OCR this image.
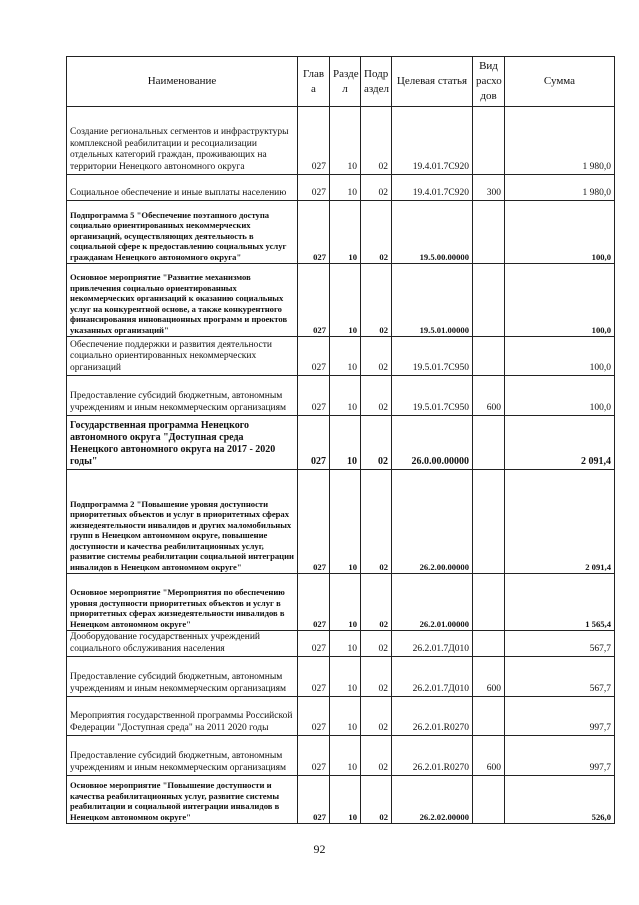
Наименование	Глав а	Разде л	Подр аздел	Целевая статья	Вид расхо дов	Сумма
Создание региональных сегментов и инфраструктуры комплексной реабилитации и ресоциализации отдельных категорий граждан, проживающих на территории Ненецкого автономного округа	027	10	02	19.4.01.7С920		1 980,0
Социальное обеспечение и иные выплаты населению	027	10	02	19.4.01.7С920	300	1 980,0
Подпрограмма 5 "Обеспечение поэтапного доступа социально ориентированных некоммерческих организаций, осуществляющих деятельность в социальной сфере к предоставлению социальных услуг гражданам Ненецкого автономного округа"	027	10	02	19.5.00.00000		100,0
Основное мероприятие "Развитие механизмов привлечения социально ориентированных некоммерческих организаций к оказанию социальных услуг на конкурентной основе, а также конкурентного финансирования инновационных программ и проектов указанных организаций"	027	10	02	19.5.01.00000		100,0
Обеспечение поддержки и развития деятельности социально ориентированных некоммерческих организаций	027	10	02	19.5.01.7С950		100,0
Предоставление субсидий бюджетным, автономным учреждениям и иным некоммерческим организациям	027	10	02	19.5.01.7С950	600	100,0
Государственная программа Ненецкого автономного округа "Доступная среда Ненецкого автономного округа на 2017 - 2020 годы"	027	10	02	26.0.00.00000		2 091,4
Подпрограмма 2 "Повышение уровня доступности приоритетных объектов и услуг в приоритетных сферах жизнедеятельности инвалидов и других маломобильных групп в Ненецком автономном округе, повышение доступности и качества реабилитационных услуг, развитие системы реабилитации социальной интеграции инвалидов в Ненецком автономном округе"	027	10	02	26.2.00.00000		2 091,4
Основное мероприятие "Мероприятия по обеспечению уровня доступности приоритетных объектов и услуг в приоритетных сферах жизнедеятельности инвалидов в Ненецком автономном округе"	027	10	02	26.2.01.00000		1 565,4
Дооборудование государственных учреждений социального обслуживания населения	027	10	02	26.2.01.7Д010		567,7
Предоставление субсидий бюджетным, автономным учреждениям и иным некоммерческим организациям	027	10	02	26.2.01.7Д010	600	567,7
Мероприятия государственной программы Российской Федерации "Доступная среда" на 2011 2020 годы	027	10	02	26.2.01.R0270		997,7
Предоставление субсидий бюджетным, автономным учреждениям и иным некоммерческим организациям	027	10	02	26.2.01.R0270	600	997,7
Основное мероприятие "Повышение доступности и качества реабилитационных услуг, развитие системы реабилитации и социальной интеграции инвалидов в Ненецком автономном округе"	027	10	02	26.2.02.00000		526,0
92
